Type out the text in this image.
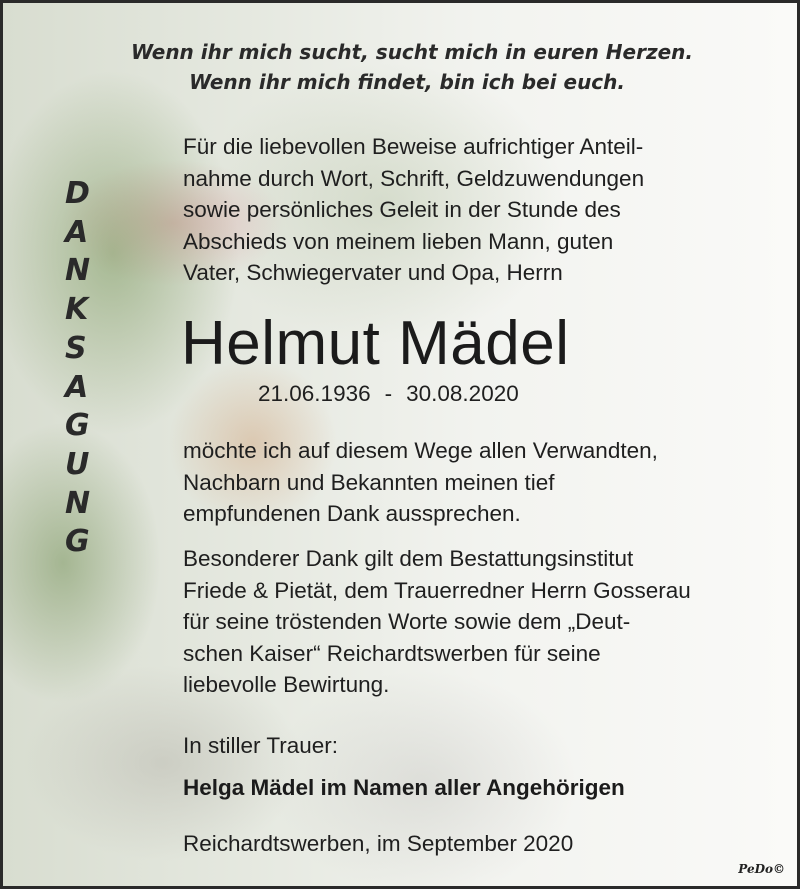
Wenn ihr mich sucht, sucht mich in euren Herzen.
Wenn ihr mich findet, bin ich bei euch.
D
A
N
K
S
A
G
U
N
G
Für die liebevollen Beweise aufrichtiger Anteil-
nahme durch Wort, Schrift, Geldzuwendungen
sowie persönliches Geleit in der Stunde des
Abschieds von meinem lieben Mann, guten
Vater, Schwiegervater und Opa, Herrn
Helmut Mädel
21.06.1936 - 30.08.2020
möchte ich auf diesem Wege allen Verwandten,
Nachbarn und Bekannten meinen tief
empfundenen Dank aussprechen.
Besonderer Dank gilt dem Bestattungsinstitut
Friede & Pietät, dem Trauerredner Herrn Gosserau
für seine tröstenden Worte sowie dem „Deut-
schen Kaiser“ Reichardtswerben für seine
liebevolle Bewirtung.
In stiller Trauer:
Helga Mädel im Namen aller Angehörigen
Reichardtswerben, im September 2020
PeDo©
